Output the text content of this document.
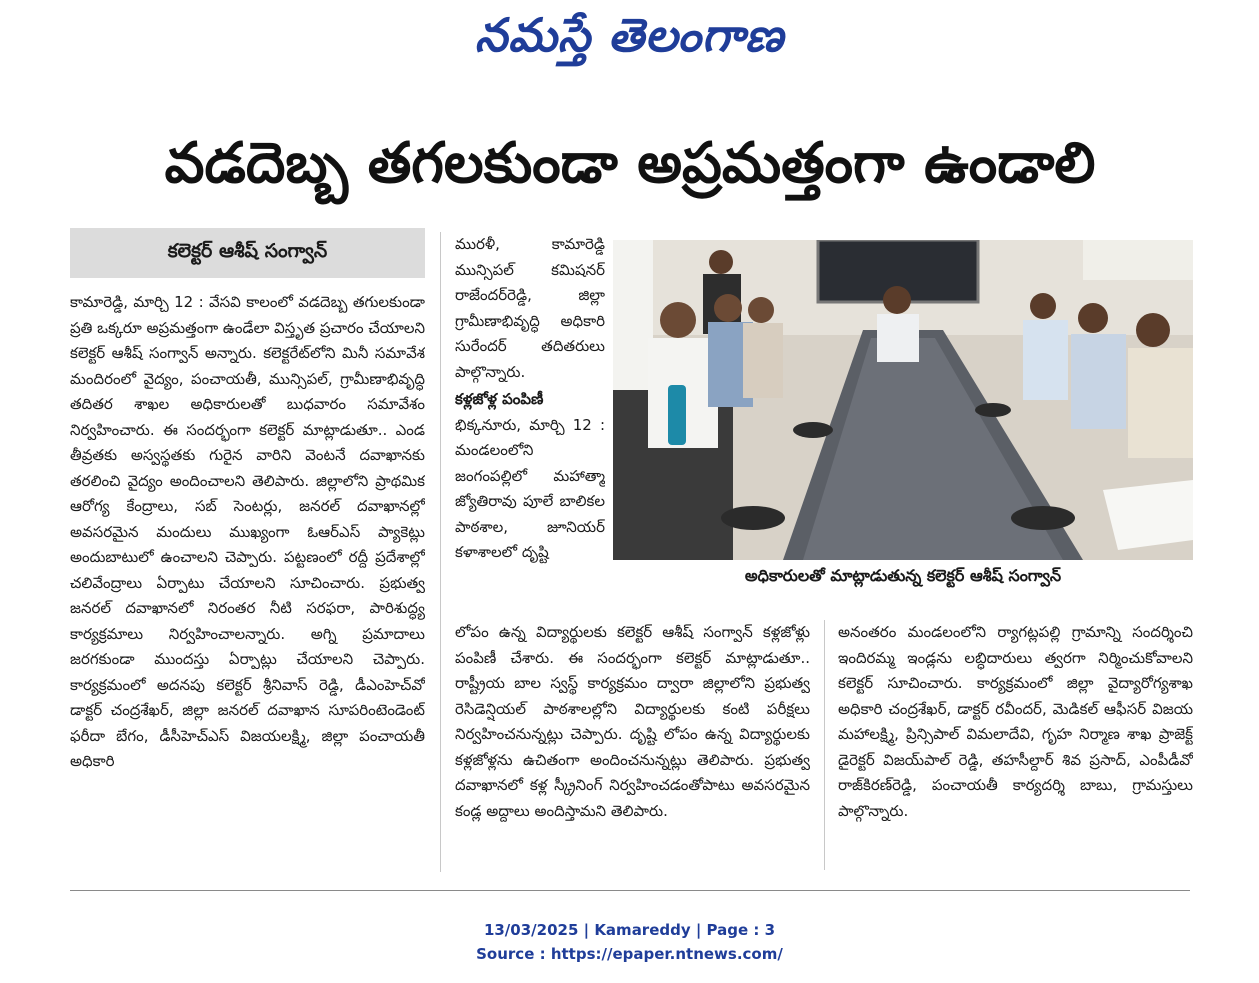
నమస్తే తెలంగాణ
వడదెబ్బ తగలకుండా అప్రమత్తంగా ఉండాలి
కలెక్టర్ ఆశీష్ సంగ్వాన్

కామారెడ్డి, మార్చి 12 : వేసవి కాలంలో వడదెబ్బ తగులకుండా ప్రతి ఒక్కరూ అప్రమత్తంగా ఉండేలా విస్తృత ప్రచారం చేయాలని కలెక్టర్ ఆశీష్ సంగ్వాన్ అన్నారు. కలెక్టరేట్‌లోని మినీ సమావేశ మందిరంలో వైద్యం, పంచాయతీ, మున్సిపల్, గ్రామీణాభివృద్ధి తదితర శాఖల అధికారులతో బుధవారం సమావేశం నిర్వహించారు. ఈ సందర్భంగా కలెక్టర్ మాట్లాడుతూ.. ఎండ తీవ్రతకు అస్వస్థతకు గురైన వారిని వెంటనే దవాఖానకు తరలించి వైద్యం అందించాలని తెలిపారు. జిల్లాలోని ప్రాథమిక ఆరోగ్య కేంద్రాలు, సబ్ సెంటర్లు, జనరల్ దవాఖానల్లో అవసరమైన మందులు ముఖ్యంగా ఓఆర్ఎస్ ప్యాకెట్లు అందుబాటులో ఉంచాలని చెప్పారు. పట్టణంలో రద్దీ ప్రదేశాల్లో చలివేంద్రాలు ఏర్పాటు చేయాలని సూచించారు. ప్రభుత్వ జనరల్ దవాఖానలో నిరంతర నీటి సరఫరా, పారిశుద్ధ్య కార్యక్రమాలు నిర్వహించాలన్నారు. అగ్ని ప్రమాదాలు జరగకుండా ముందస్తు ఏర్పాట్లు చేయాలని చెప్పారు. కార్యక్రమంలో అదనపు కలెక్టర్ శ్రీనివాస్ రెడ్డి, డీఎంహెచ్‌వో డాక్టర్ చంద్రశేఖర్, జిల్లా జనరల్ దవాఖాన సూపరింటెండెంట్ ఫరీదా బేగం, డీసీహెచ్ఎస్ విజయలక్ష్మి, జిల్లా పంచాయతీ అధికారి

మురళీ, కామారెడ్డి మున్సిపల్ కమిషనర్ రాజేందర్‌రెడ్డి, జిల్లా గ్రామీణాభివృద్ధి అధికారి సురేందర్ తదితరులు పాల్గొన్నారు.

కళ్లజోళ్ల పంపిణీ

భిక్కనూరు, మార్చి 12 : మండలంలోని జంగంపల్లిలో మహాత్మా జ్యోతిరావు పూలే బాలికల పాఠశాల, జూనియర్ కళాశాలలో దృష్టి

అధికారులతో మాట్లాడుతున్న కలెక్టర్ ఆశీష్ సంగ్వాన్

లోపం ఉన్న విద్యార్థులకు కలెక్టర్ ఆశీష్ సంగ్వాన్ కళ్లజోళ్లు పంపిణీ చేశారు. ఈ సందర్భంగా కలెక్టర్ మాట్లాడుతూ.. రాష్ట్రీయ బాల స్వస్థ్ కార్యక్రమం ద్వారా జిల్లాలోని ప్రభుత్వ రెసిడెన్షియల్ పాఠశాలల్లోని విద్యార్థులకు కంటి పరీక్షలు నిర్వహించనున్నట్లు చెప్పారు. దృష్టి లోపం ఉన్న విద్యార్థులకు కళ్లజోళ్లను ఉచితంగా అందించనున్నట్లు తెలిపారు. ప్రభుత్వ దవాఖానలో కళ్ల స్క్రీనింగ్ నిర్వహించడంతోపాటు అవసరమైన కండ్ల అద్దాలు అందిస్తామని తెలిపారు.

అనంతరం మండలంలోని ర్యాగట్లపల్లి గ్రామాన్ని సందర్శించి ఇందిరమ్మ ఇండ్లను లబ్ధిదారులు త్వరగా నిర్మించుకోవాలని కలెక్టర్ సూచించారు. కార్యక్రమంలో జిల్లా వైద్యారోగ్యశాఖ అధికారి చంద్రశేఖర్, డాక్టర్ రవీందర్, మెడికల్ ఆఫీసర్ విజయ మహాలక్ష్మి, ప్రిన్సిపాల్ విమలాదేవి, గృహ నిర్మాణ శాఖ ప్రాజెక్ట్ డైరెక్టర్ విజయ్‌పాల్ రెడ్డి, తహసీల్దార్ శివ ప్రసాద్, ఎంపీడీవో రాజ్‌కిరణ్‌రెడ్డి, పంచాయతీ కార్యదర్శి బాబు, గ్రామస్తులు పాల్గొన్నారు.

13/03/2025 | Kamareddy | Page : 3
Source : https://epaper.ntnews.com/
